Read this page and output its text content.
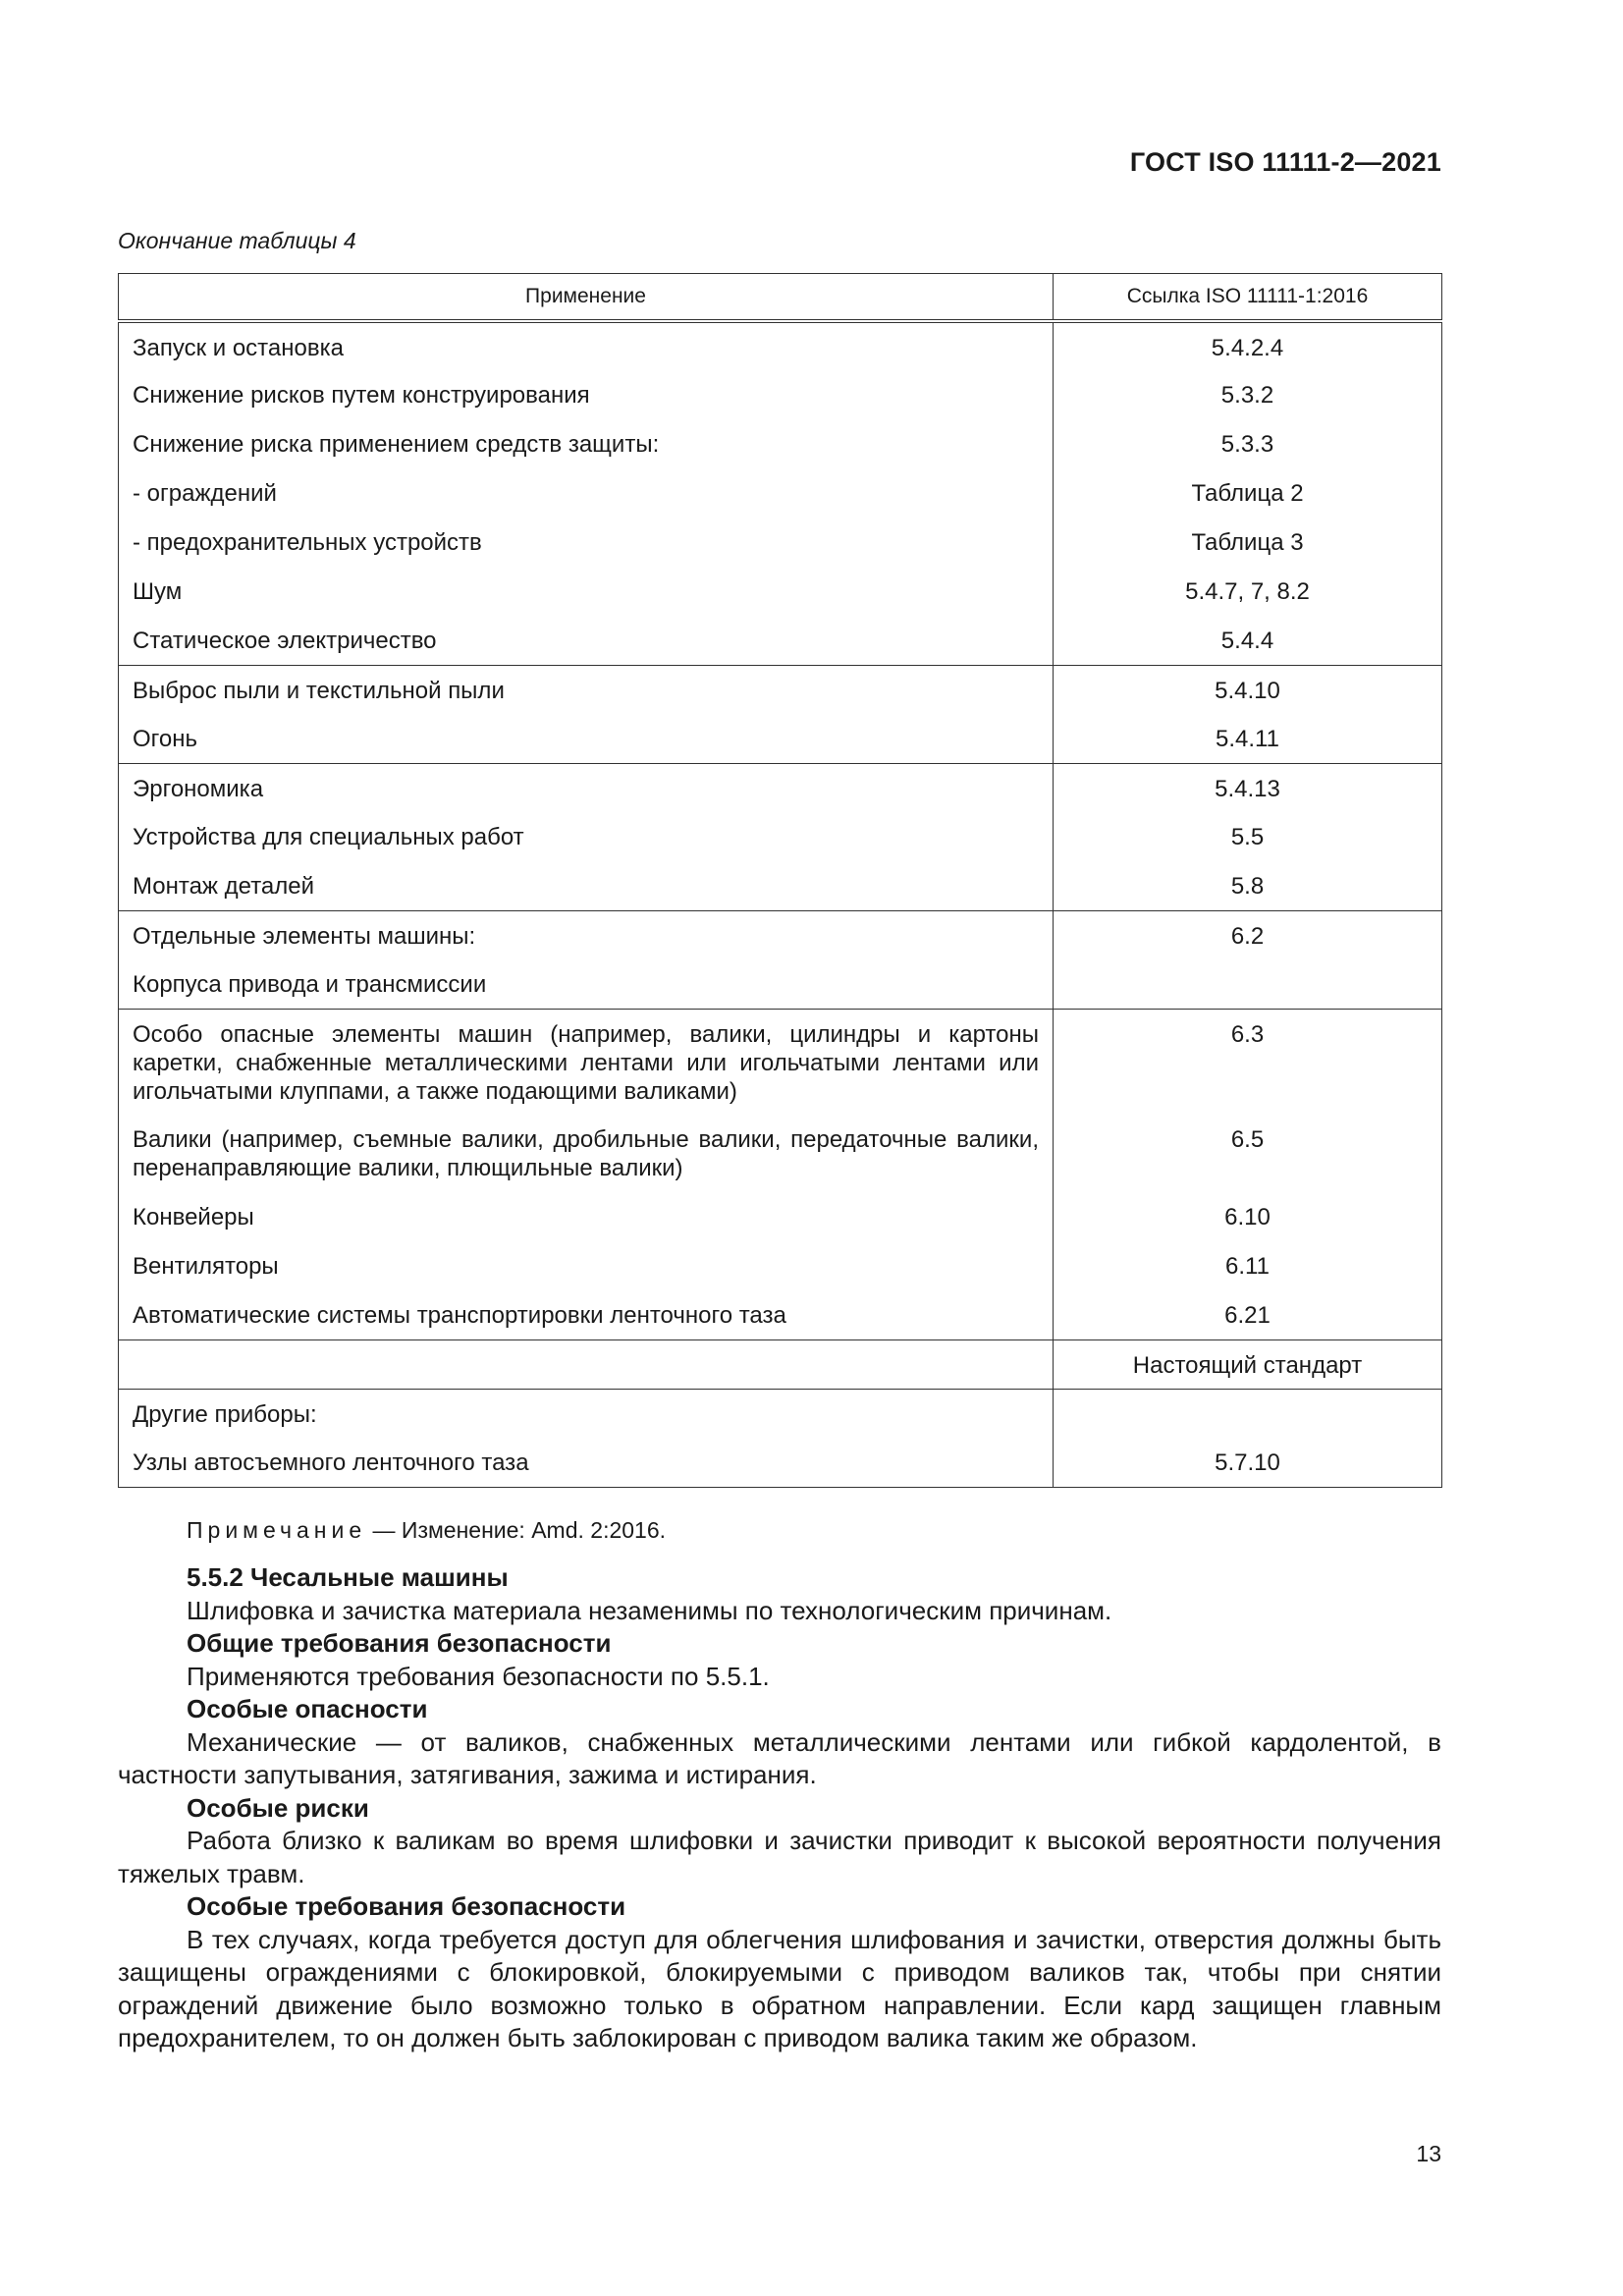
ГОСТ ISO 11111-2—2021
Окончание таблицы 4
Применение	Ссылка ISO 11111-1:2016
Запуск и остановка	5.4.2.4
Снижение рисков путем конструирования	5.3.2
Снижение риска применением средств защиты:	5.3.3
- ограждений	Таблица 2
- предохранительных устройств	Таблица 3
Шум	5.4.7, 7, 8.2
Статическое электричество	5.4.4
Выброс пыли и текстильной пыли	5.4.10
Огонь	5.4.11
Эргономика	5.4.13
Устройства для специальных работ	5.5
Монтаж деталей	5.8
Отдельные элементы машины:	6.2
Корпуса привода и трансмиссии	
Особо опасные элементы машин (например, валики, цилиндры и картоны каретки, снабженные металлическими лентами или игольчатыми лентами или игольчатыми клуппами, а также подающими валиками)	6.3
Валики (например, съемные валики, дробильные валики, передаточные валики, перенаправляющие валики, плющильные валики)	6.5
Конвейеры	6.10
Вентиляторы	6.11
Автоматические системы транспортировки ленточного таза	6.21
	Настоящий стандарт
Другие приборы:	
Узлы автосъемного ленточного таза	5.7.10
Примечание — Изменение: Amd. 2:2016.

5.5.2 Чесальные машины

Шлифовка и зачистка материала незаменимы по технологическим причинам.

Общие требования безопасности

Применяются требования безопасности по 5.5.1.

Особые опасности

Механические — от валиков, снабженных металлическими лентами или гибкой кардолентой, в частности запутывания, затягивания, зажима и истирания.

Особые риски

Работа близко к валикам во время шлифовки и зачистки приводит к высокой вероятности получения тяжелых травм.

Особые требования безопасности

В тех случаях, когда требуется доступ для облегчения шлифования и зачистки, отверстия должны быть защищены ограждениями с блокировкой, блокируемыми с приводом валиков так, чтобы при снятии ограждений движение было возможно только в обратном направлении. Если кард защищен главным предохранителем, то он должен быть заблокирован с приводом валика таким же образом.

13
